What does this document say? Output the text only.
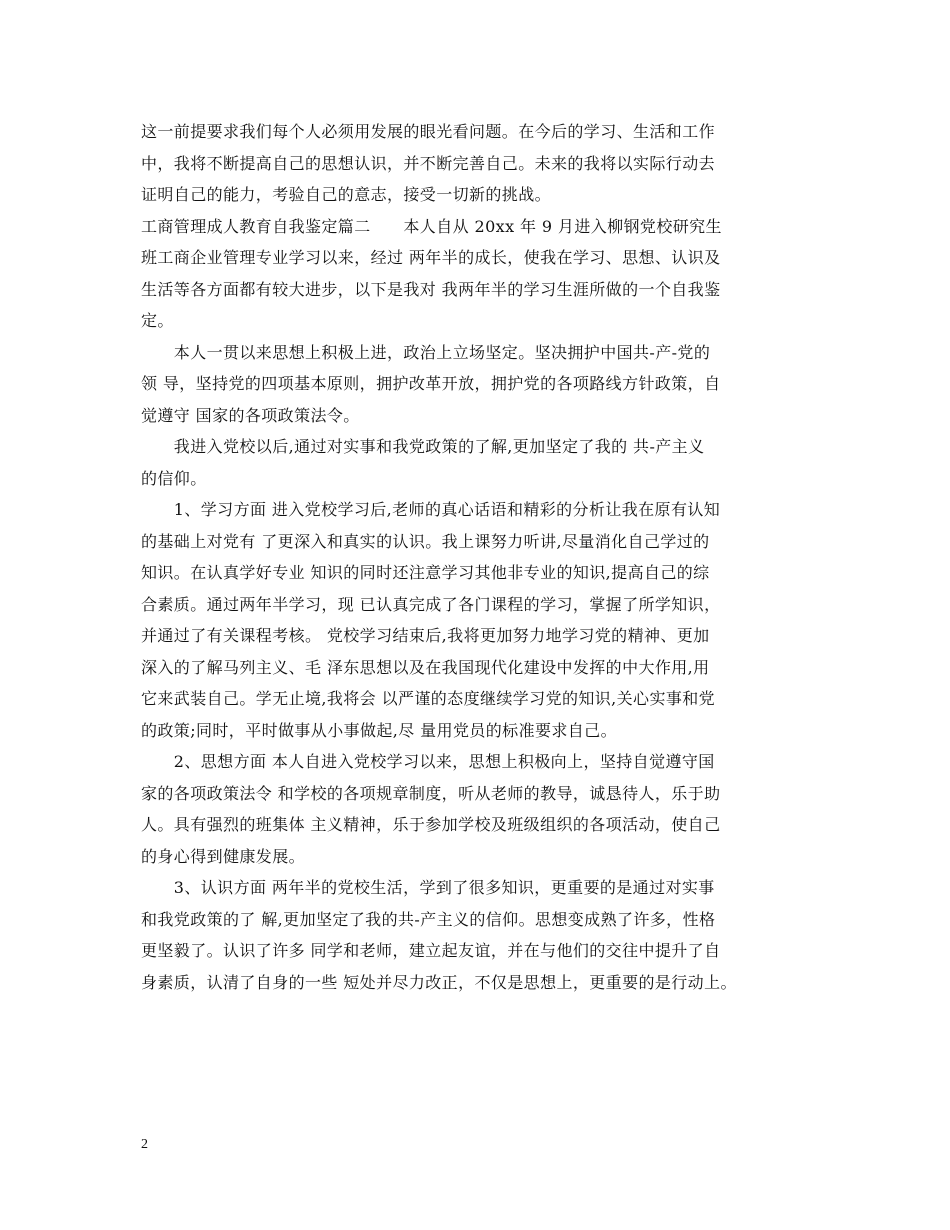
这一前提要求我们每个人必须用发展的眼光看问题。在今后的学习、生活和工作
中，我将不断提高自己的思想认识，并不断完善自己。未来的我将以实际行动去
证明自己的能力，考验自己的意志，接受一切新的挑战。
工商管理成人教育自我鉴定篇二　　本人自从 20xx 年 9 月进入柳钢党校研究生
班工商企业管理专业学习以来，经过 两年半的成长，使我在学习、思想、认识及
生活等各方面都有较大进步，以下是我对 我两年半的学习生涯所做的一个自我鉴
定。
　　本人一贯以来思想上积极上进，政治上立场坚定。坚决拥护中国共-产-党的
领 导，坚持党的四项基本原则，拥护改革开放，拥护党的各项路线方针政策，自
觉遵守 国家的各项政策法令。
　　我进入党校以后,通过对实事和我党政策的了解,更加坚定了我的 共-产主义
的信仰。
　　1、学习方面 进入党校学习后,老师的真心话语和精彩的分析让我在原有认知
的基础上对党有 了更深入和真实的认识。我上课努力听讲,尽量消化自己学过的
知识。在认真学好专业 知识的同时还注意学习其他非专业的知识,提高自己的综
合素质。通过两年半学习，现 已认真完成了各门课程的学习，掌握了所学知识，
并通过了有关课程考核。 党校学习结束后,我将更加努力地学习党的精神、更加
深入的了解马列主义、毛 泽东思想以及在我国现代化建设中发挥的中大作用,用
它来武装自己。学无止境,我将会 以严谨的态度继续学习党的知识,关心实事和党
的政策;同时，平时做事从小事做起,尽 量用党员的标准要求自己。
　　2、思想方面 本人自进入党校学习以来，思想上积极向上，坚持自觉遵守国
家的各项政策法令 和学校的各项规章制度，听从老师的教导，诚恳待人，乐于助
人。具有强烈的班集体 主义精神，乐于参加学校及班级组织的各项活动，使自己
的身心得到健康发展。
　　3、认识方面 两年半的党校生活，学到了很多知识，更重要的是通过对实事
和我党政策的了 解,更加坚定了我的共-产主义的信仰。思想变成熟了许多，性格
更坚毅了。认识了许多 同学和老师，建立起友谊，并在与他们的交往中提升了自
身素质，认清了自身的一些 短处并尽力改正，不仅是思想上，更重要的是行动上。
2
